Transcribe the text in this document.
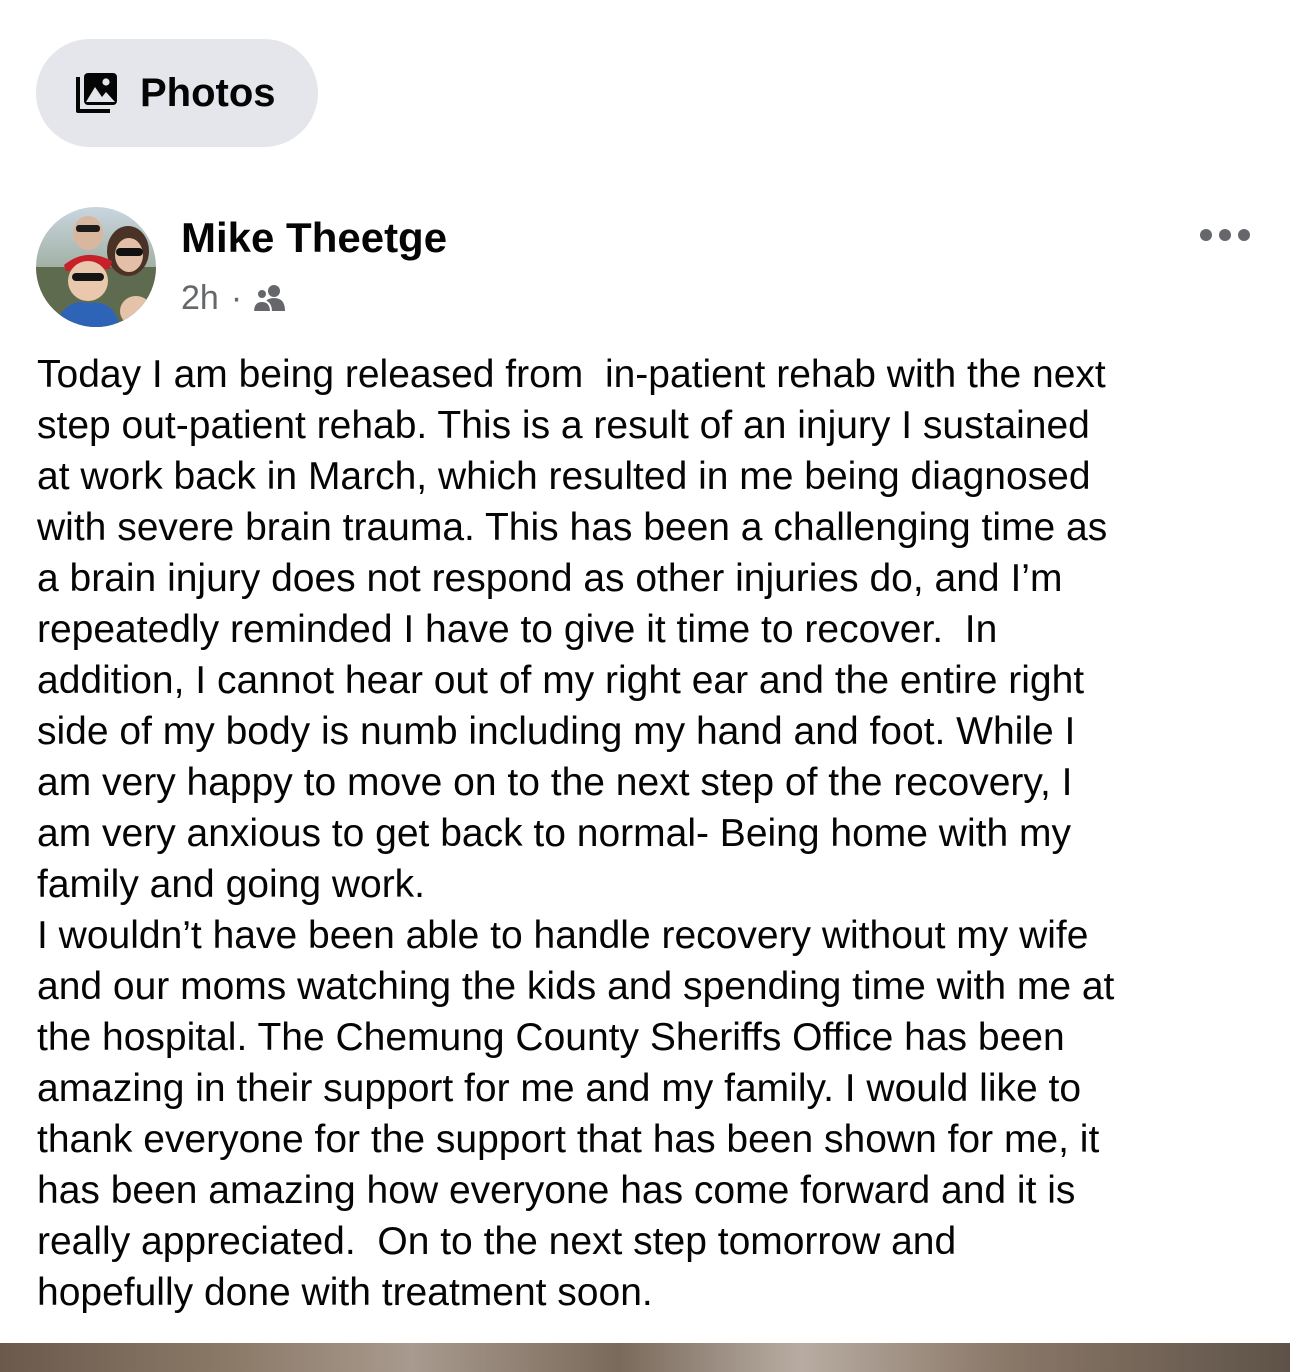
Photos
Mike Theetge
2h ·
Today I am being released from  in-patient rehab with the next
step out-patient rehab. This is a result of an injury I sustained
at work back in March, which resulted in me being diagnosed
with severe brain trauma. This has been a challenging time as
a brain injury does not respond as other injuries do, and I’m
repeatedly reminded I have to give it time to recover.  In
addition, I cannot hear out of my right ear and the entire right
side of my body is numb including my hand and foot. While I
am very happy to move on to the next step of the recovery, I
am very anxious to get back to normal- Being home with my
family and going work.
I wouldn’t have been able to handle recovery without my wife
and our moms watching the kids and spending time with me at
the hospital. The Chemung County Sheriffs Office has been
amazing in their support for me and my family. I would like to
thank everyone for the support that has been shown for me, it
has been amazing how everyone has come forward and it is
really appreciated.  On to the next step tomorrow and
hopefully done with treatment soon.
